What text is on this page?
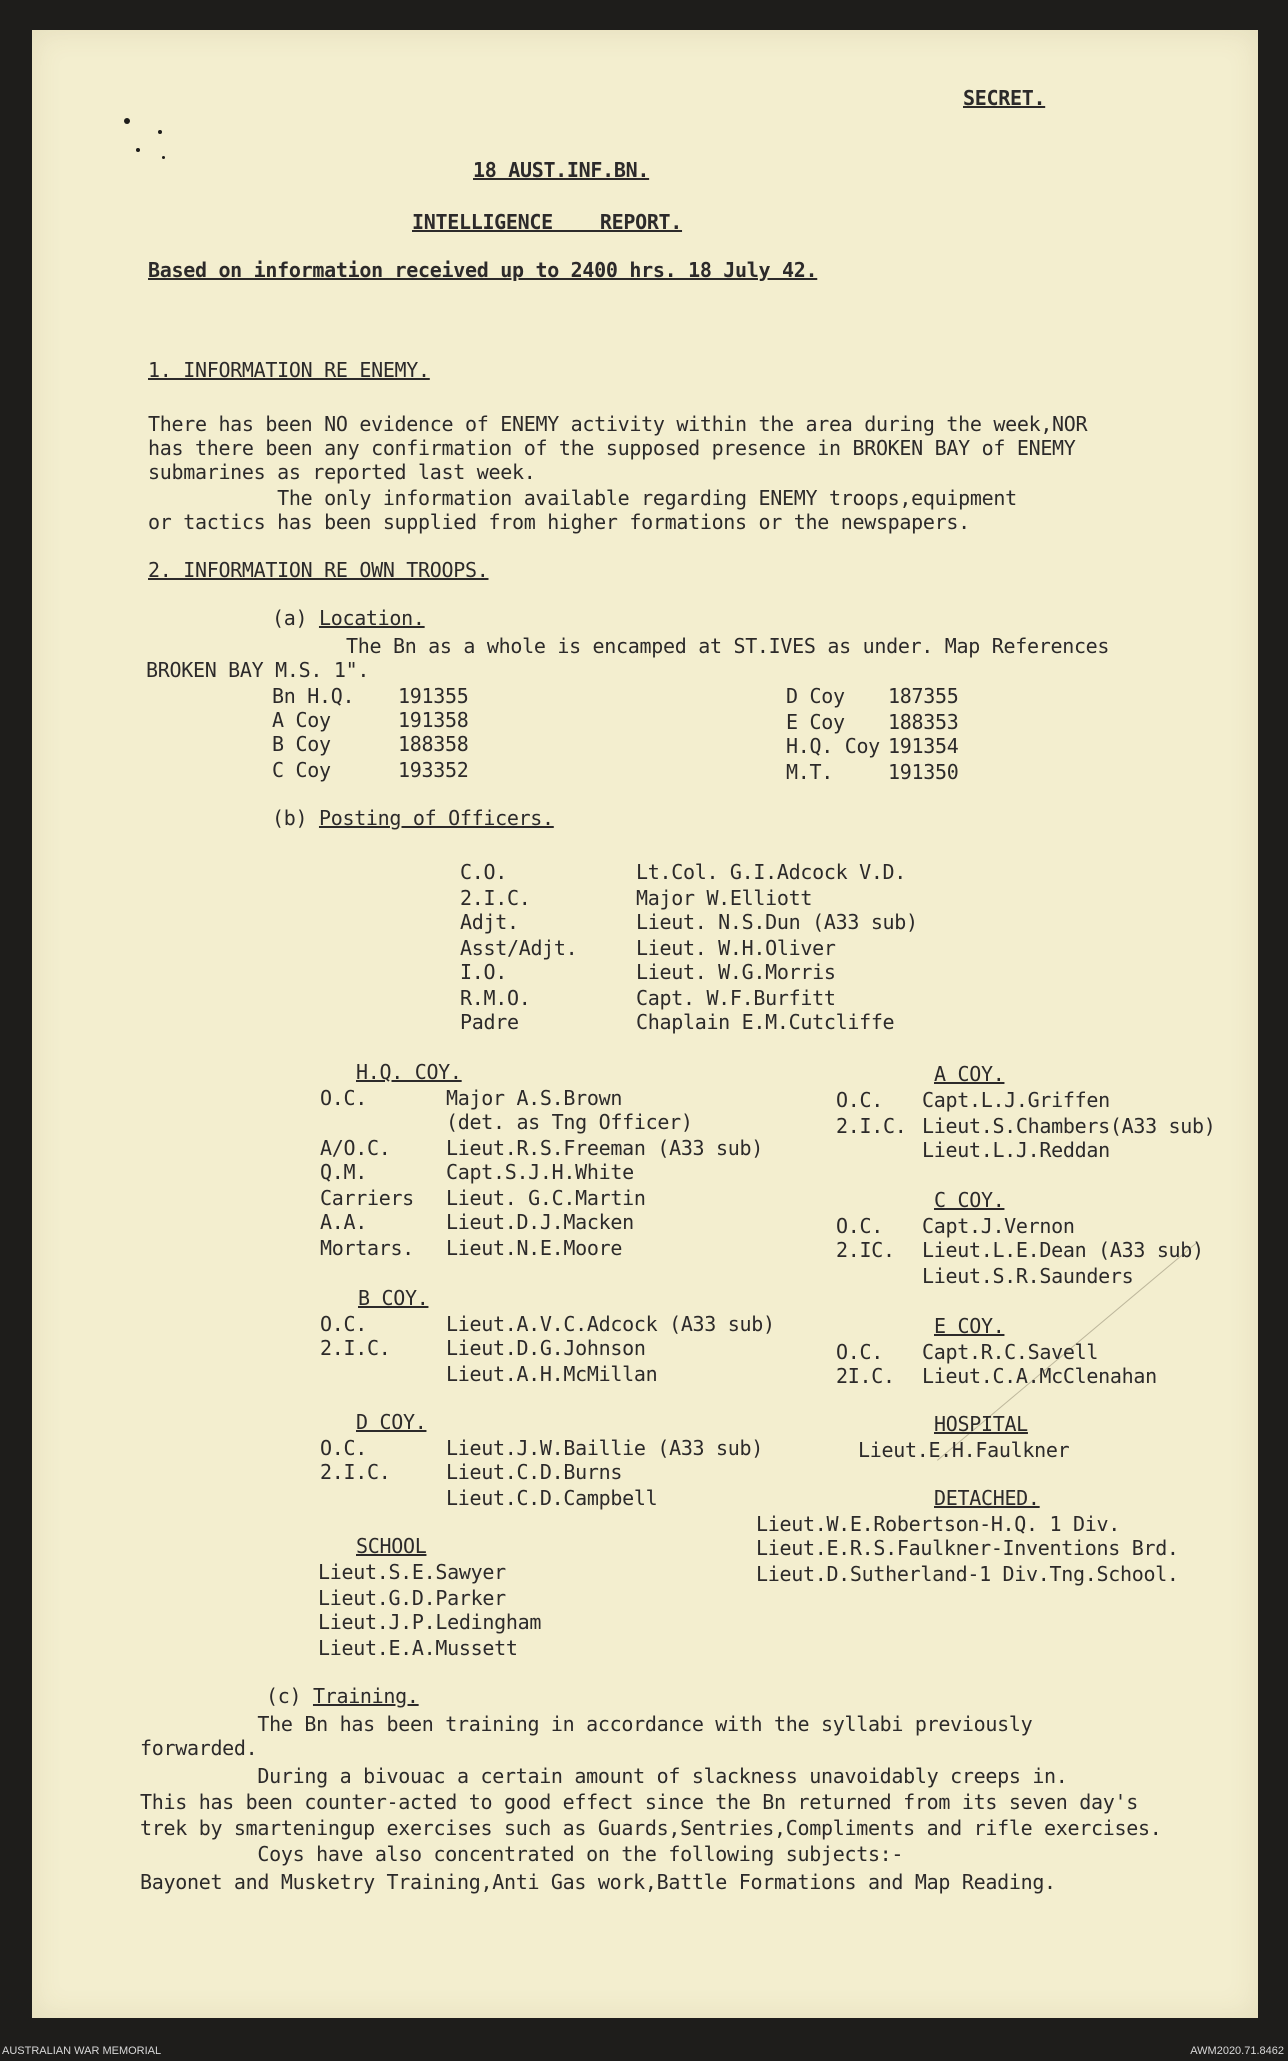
SECRET.
18 AUST.INF.BN.
INTELLIGENCE    REPORT.
Based on information received up to 2400 hrs. 18 July 42.
1. INFORMATION RE ENEMY.
There has been NO evidence of ENEMY activity within the area during the week,NOR
has there been any confirmation of the supposed presence in BROKEN BAY of ENEMY
submarines as reported last week.
The only information available regarding ENEMY troops,equipment
or tactics has been supplied from higher formations or the newspapers.
2. INFORMATION RE OWN TROOPS.
(a) Location.
The Bn as a whole is encamped at ST.IVES as under. Map References
BROKEN BAY M.S. 1".
Bn H.Q. 191355
A Coy	191358
B Coy	188358
C Coy	193352
D Coy 187355
E Coy 188353
H.Q. Coy 191354
M.T.	191350
(b) Posting of Officers.
C.O.	Lt.Col. G.I.Adcock V.D.
2.I.C.	Major W.Elliott
Adjt.	Lieut. N.S.Dun (A33 sub)
Asst/Adjt.	Lieut. W.H.Oliver
I.O.	Lieut. W.G.Morris
R.M.O.	Capt. W.F.Burfitt
Padre	Chaplain E.M.Cutcliffe
H.Q. COY.
O.C.	Major A.S.Brown
(det. as Tng Officer)
A/O.C.	Lieut.R.S.Freeman (A33 sub)
Q.M.	Capt.S.J.H.White
Carriers Lieut. G.C.Martin
A.A.	Lieut.D.J.Macken
Mortars. Lieut.N.E.Moore
B COY.
O.C.	Lieut.A.V.C.Adcock (A33 sub)
2.I.C.	Lieut.D.G.Johnson
Lieut.A.H.McMillan
D COY.
O.C.	Lieut.J.W.Baillie (A33 sub)
2.I.C.	Lieut.C.D.Burns
Lieut.C.D.Campbell
SCHOOL
Lieut.S.E.Sawyer
Lieut.G.D.Parker
Lieut.J.P.Ledingham
Lieut.E.A.Mussett
A COY.
O.C. Capt.L.J.Griffen
2.I.C. Lieut.S.Chambers(A33 sub)
Lieut.L.J.Reddan
C COY.
O.C. Capt.J.Vernon
2.IC. Lieut.L.E.Dean (A33 sub)
Lieut.S.R.Saunders
E COY.
O.C. Capt.R.C.Savell
2I.C. Lieut.C.A.McClenahan
HOSPITAL
Lieut.E.H.Faulkner
DETACHED.
Lieut.W.E.Robertson-H.Q. 1 Div.
Lieut.E.R.S.Faulkner-Inventions Brd.
Lieut.D.Sutherland-1 Div.Tng.School.
(c) Training.
The Bn has been training in accordance with the syllabi previously
forwarded.
During a bivouac a certain amount of slackness unavoidably creeps in.
This has been counter-acted to good effect since the Bn returned from its seven day's
trek by smarteningup exercises such as Guards,Sentries,Compliments and rifle exercises.
Coys have also concentrated on the following subjects:-
Bayonet and Musketry Training,Anti Gas work,Battle Formations and Map Reading.
AUSTRALIAN WAR MEMORIAL	AWM2020.71.8462
